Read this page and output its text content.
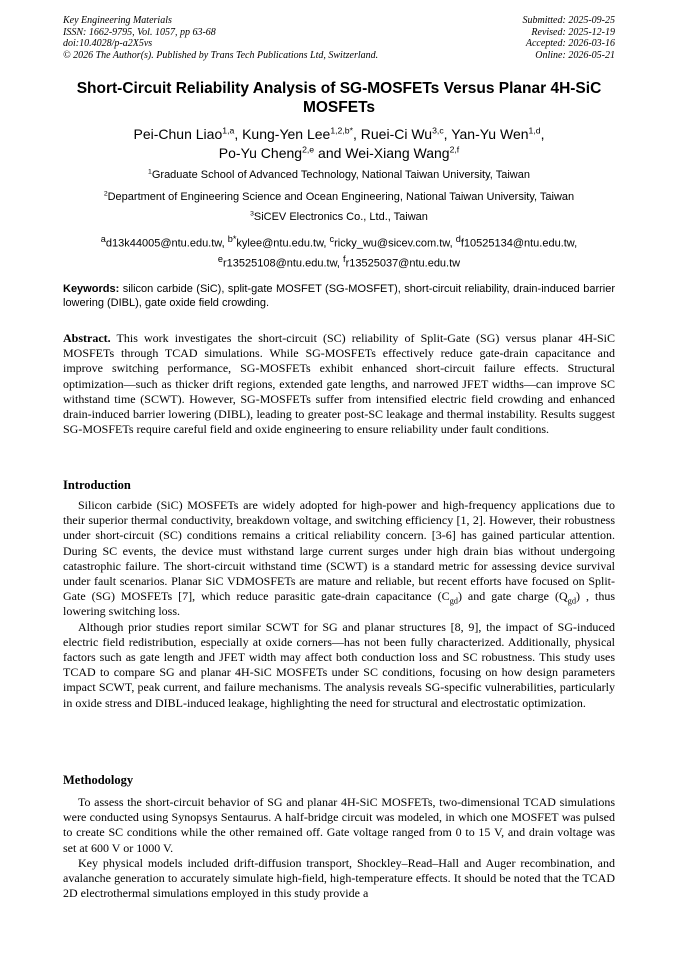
Key Engineering Materials
ISSN: 1662-9795, Vol. 1057, pp 63-68
doi:10.4028/p-a2X5vs
© 2026 The Author(s). Published by Trans Tech Publications Ltd, Switzerland.
Submitted: 2025-09-25
Revised: 2025-12-19
Accepted: 2026-03-16
Online: 2026-05-21
Short-Circuit Reliability Analysis of SG-MOSFETs Versus Planar 4H-SiC MOSFETs
Pei-Chun Liao$^{1,a}$, Kung-Yen Lee$^{1,2,b*}$, Ruei-Ci Wu$^{3,c}$, Yan-Yu Wen$^{1,d}$,
Po-Yu Cheng$^{2,e}$ and Wei-Xiang Wang$^{2,f}$
$^1$Graduate School of Advanced Technology, National Taiwan University, Taiwan
$^2$Department of Engineering Science and Ocean Engineering, National Taiwan University, Taiwan
$^3$SiCEV Electronics Co., Ltd., Taiwan
$^a$d13k44005@ntu.edu.tw, $^{b*}$kylee@ntu.edu.tw, $^c$ricky_wu@sicev.com.tw, $^d$f10525134@ntu.edu.tw,
$^e$r13525108@ntu.edu.tw, $^f$r13525037@ntu.edu.tw
Keywords: silicon carbide (SiC), split-gate MOSFET (SG-MOSFET), short-circuit reliability, drain-induced barrier lowering (DIBL), gate oxide field crowding.

Abstract. This work investigates the short-circuit (SC) reliability of Split-Gate (SG) versus planar 4H-SiC MOSFETs through TCAD simulations. While SG-MOSFETs effectively reduce gate-drain capacitance and improve switching performance, SG-MOSFETs exhibit enhanced short-circuit failure effects. Structural optimization—such as thicker drift regions, extended gate lengths, and narrowed JFET widths—can improve SC withstand time (SCWT). However, SG-MOSFETs suffer from intensified electric field crowding and enhanced drain-induced barrier lowering (DIBL), leading to greater post-SC leakage and thermal instability. Results suggest SG-MOSFETs require careful field and oxide engineering to ensure reliability under fault conditions.

Introduction

Silicon carbide (SiC) MOSFETs are widely adopted for high-power and high-frequency applications due to their superior thermal conductivity, breakdown voltage, and switching efficiency [1, 2]. However, their robustness under short-circuit (SC) conditions remains a critical reliability concern. [3-6] has gained particular attention. During SC events, the device must withstand large current surges under high drain bias without undergoing catastrophic failure. The short-circuit withstand time (SCWT) is a standard metric for assessing device survival under fault scenarios. Planar SiC VDMOSFETs are mature and reliable, but recent efforts have focused on Split-Gate (SG) MOSFETs [7], which reduce parasitic gate-drain capacitance $(C_{gd})$ and gate charge $(Q_{gd})$ , thus lowering switching loss.

Although prior studies report similar SCWT for SG and planar structures [8, 9], the impact of SG-induced electric field redistribution, especially at oxide corners—has not been fully characterized. Additionally, physical factors such as gate length and JFET width may affect both conduction loss and SC robustness. This study uses TCAD to compare SG and planar 4H-SiC MOSFETs under SC conditions, focusing on how design parameters impact SCWT, peak current, and failure mechanisms. The analysis reveals SG-specific vulnerabilities, particularly in oxide stress and DIBL-induced leakage, highlighting the need for structural and electrostatic optimization.

Methodology

To assess the short-circuit behavior of SG and planar 4H-SiC MOSFETs, two-dimensional TCAD simulations were conducted using Synopsys Sentaurus. A half-bridge circuit was modeled, in which one MOSFET was pulsed to create SC conditions while the other remained off. Gate voltage ranged from 0 to 15 V, and drain voltage was set at 600 V or 1000 V.

Key physical models included drift-diffusion transport, Shockley–Read–Hall and Auger recombination, and avalanche generation to accurately simulate high-field, high-temperature effects. It should be noted that the TCAD 2D electrothermal simulations employed in this study provide a
